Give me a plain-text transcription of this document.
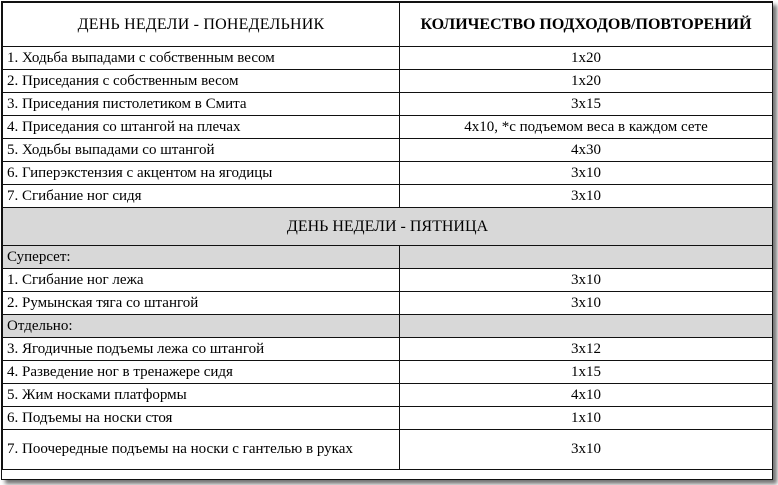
ДЕНЬ НЕДЕЛИ - ПОНЕДЕЛЬНИК	КОЛИЧЕСТВО ПОДХОДОВ/ПОВТОРЕНИЙ
1. Ходьба выпадами с собственным весом	1х20
2. Приседания с собственным весом	1х20
3. Приседания пистолетиком в Смита	3х15
4. Приседания со штангой на плечах	4х10, *с подъемом веса в каждом сете
5. Ходьбы выпадами со штангой	4х30
6. Гиперэкстензия с акцентом на ягодицы	3х10
7. Сгибание ног сидя	3х10
ДЕНЬ НЕДЕЛИ - ПЯТНИЦА	
Суперсет:	
1. Сгибание ног лежа	3х10
2. Румынская тяга со штангой	3х10
Отдельно:	
3. Ягодичные подъемы лежа со штангой	3х12
4. Разведение ног в тренажере сидя	1х15
5. Жим носками платформы	4х10
6. Подъемы на носки стоя	1х10
7. Поочередные подъемы на носки с гантелью в руках	3х10
